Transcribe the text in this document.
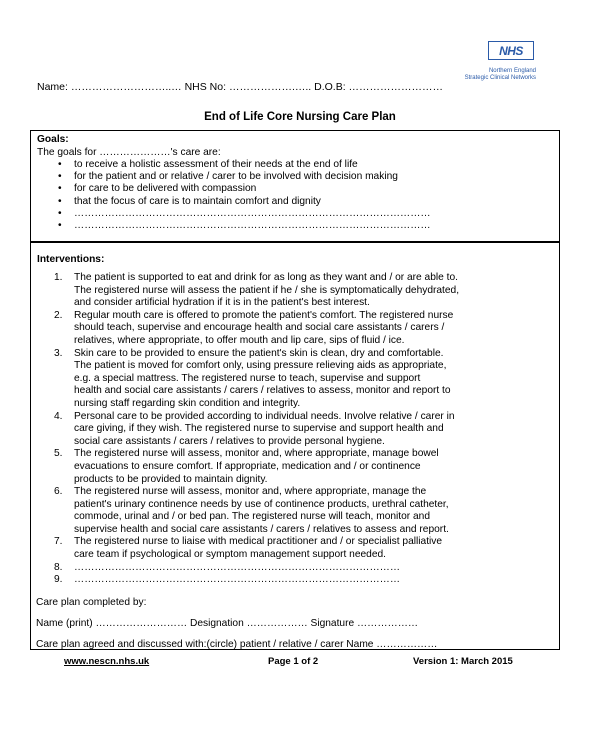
NHS
Northern England
Strategic Clinical Networks
Name: ………………………..… NHS No: ……………….….. D.O.B: ………………………
End of Life Core Nursing Care Plan
Goals:
The goals for …………………'s care are:
• to receive a holistic assessment of their needs at the end of life
• for the patient and or relative / carer to be involved with decision making
• for care to be delivered with compassion
• that the focus of care is to maintain comfort and dignity
• ……………………………………………………………………………………………
• ……………………………………………………………………………………………
Interventions:
1. The patient is supported to eat and drink for as long as they want and / or are able to.
The registered nurse will assess the patient if he / she is symptomatically dehydrated,
and consider artificial hydration if it is in the patient's best interest.
2. Regular mouth care is offered to promote the patient's comfort. The registered nurse
should teach, supervise and encourage health and social care assistants / carers /
relatives, where appropriate, to offer mouth and lip care, sips of fluid / ice.
3. Skin care to be provided to ensure the patient's skin is clean, dry and comfortable.
The patient is moved for comfort only, using pressure relieving aids as appropriate,
e.g. a special mattress. The registered nurse to teach, supervise and support
health and social care assistants / carers / relatives to assess, monitor and report to
nursing staff regarding skin condition and integrity.
4. Personal care to be provided according to individual needs. Involve relative / carer in
care giving, if they wish. The registered nurse to supervise and support health and
social care assistants / carers / relatives to provide personal hygiene.
5. The registered nurse will assess, monitor and, where appropriate, manage bowel
evacuations to ensure comfort. If appropriate, medication and / or continence
products to be provided to maintain dignity.
6. The registered nurse will assess, monitor and, where appropriate, manage the
patient's urinary continence needs by use of continence products, urethral catheter,
commode, urinal and / or bed pan. The registered nurse will teach, monitor and
supervise health and social care assistants / carers / relatives to assess and report.
7. The registered nurse to liaise with medical practitioner and / or specialist palliative
care team if psychological or symptom management support needed.
8. ……………………………………………………………………………………
9. ……………………………………………………………………………………
Care plan completed by:
Name (print) ……………………… Designation ……………… Signature ………………
Care plan agreed and discussed with:(circle) patient / relative / carer Name ………………
www.nescn.nhs.uk	Page 1 of 2	Version 1: March 2015
